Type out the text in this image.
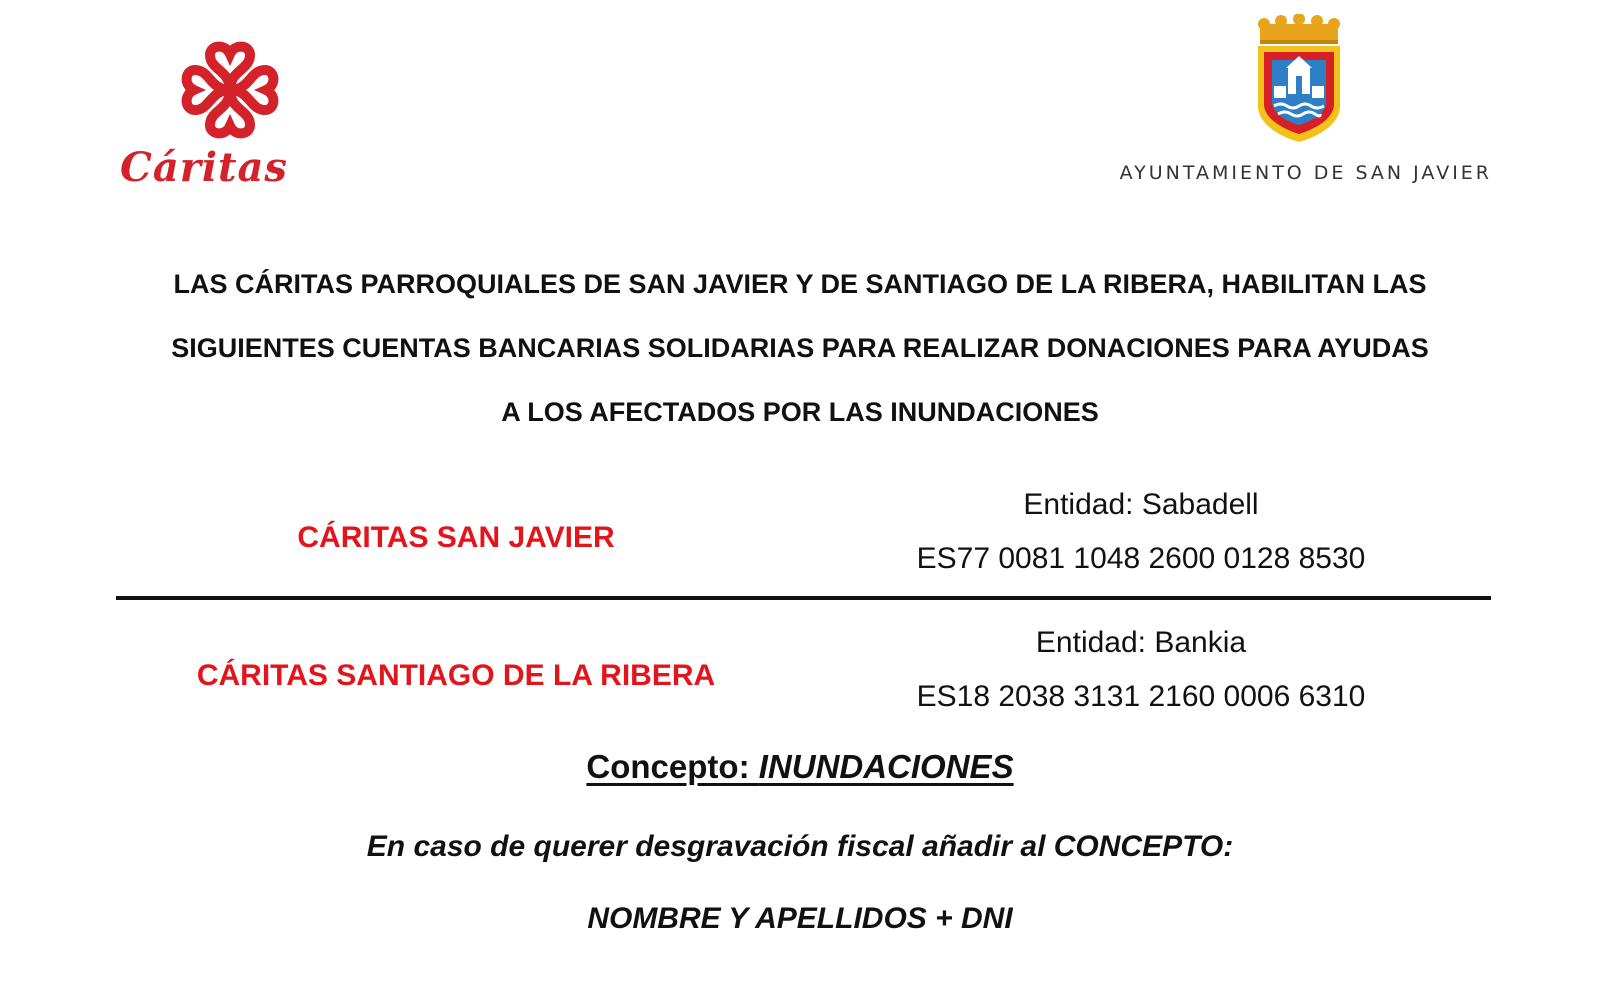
Cáritas	AYUNTAMIENTO DE SAN JAVIER
LAS CÁRITAS PARROQUIALES DE SAN JAVIER Y DE SANTIAGO DE LA RIBERA, HABILITAN LAS
SIGUIENTES CUENTAS BANCARIAS SOLIDARIAS PARA REALIZAR DONACIONES PARA AYUDAS
A LOS AFECTADOS POR LAS INUNDACIONES
CÁRITAS SAN JAVIER
Entidad: Sabadell
ES77 0081 1048 2600 0128 8530
CÁRITAS SANTIAGO DE LA RIBERA
Entidad: Bankia
ES18 2038 3131 2160 0006 6310
Concepto: INUNDACIONES
En caso de querer desgravación fiscal añadir al CONCEPTO:
NOMBRE Y APELLIDOS + DNI
